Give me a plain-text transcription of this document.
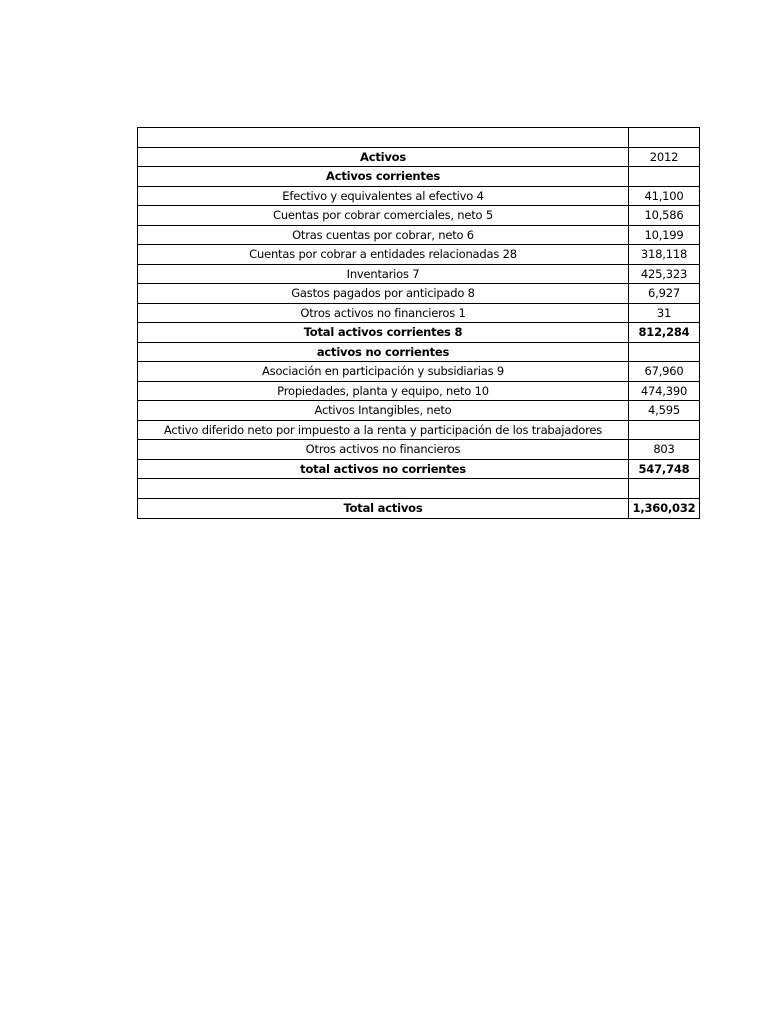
Activos	2012
Activos corrientes	
Efectivo y equivalentes al efectivo 4	41,100
Cuentas por cobrar comerciales, neto 5	10,586
Otras cuentas por cobrar, neto 6	10,199
Cuentas por cobrar a entidades relacionadas 28	318,118
Inventarios 7	425,323
Gastos pagados por anticipado 8	6,927
Otros activos no financieros 1	31
Total activos corrientes 8	812,284
activos no corrientes	
Asociación en participación y subsidiarias 9	67,960
Propiedades, planta y equipo, neto 10	474,390
Activos Intangibles, neto	4,595
Activo diferido neto por impuesto a la renta y participación de los trabajadores	
Otros activos no financieros	803
total activos no corrientes	547,748

Total activos	1,360,032
